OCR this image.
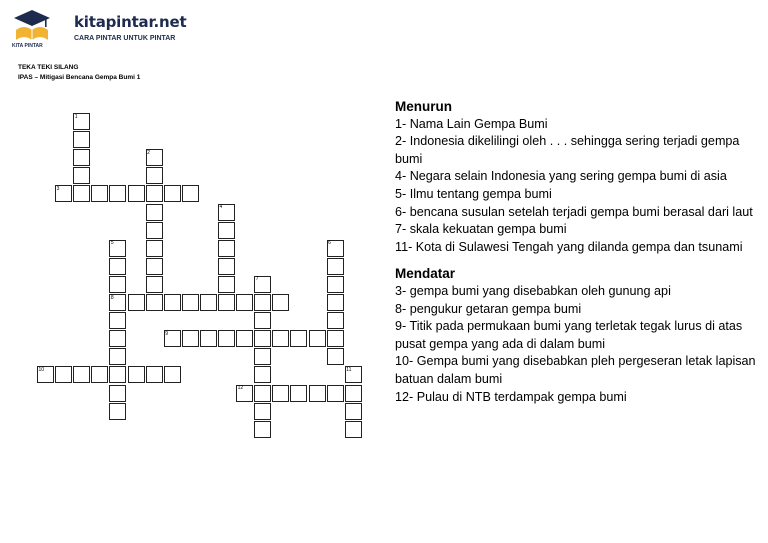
KITA PINTAR
kitapintar.net
CARA PINTAR UNTUK PINTAR
TEKA TEKI SILANG
IPAS – Mitigasi Bencana Gempa Bumi 1
1
2
3
4
5	6
7
8
9
10	11
12
Menurun
1- Nama Lain Gempa Bumi
2- Indonesia dikelilingi oleh . . . sehingga sering terjadi gempa bumi
4- Negara selain Indonesia yang sering gempa bumi di asia
5- Ilmu tentang gempa bumi
6- bencana susulan setelah terjadi gempa bumi berasal dari laut
7- skala kekuatan gempa bumi
11- Kota di Sulawesi Tengah yang dilanda gempa dan tsunami
Mendatar
3- gempa bumi yang disebabkan oleh gunung api
8- pengukur getaran gempa bumi
9- Titik pada permukaan bumi yang terletak tegak lurus di atas pusat gempa yang ada di dalam bumi
10- Gempa bumi yang disebabkan pleh pergeseran letak lapisan batuan dalam bumi
12- Pulau di NTB terdampak gempa bumi
